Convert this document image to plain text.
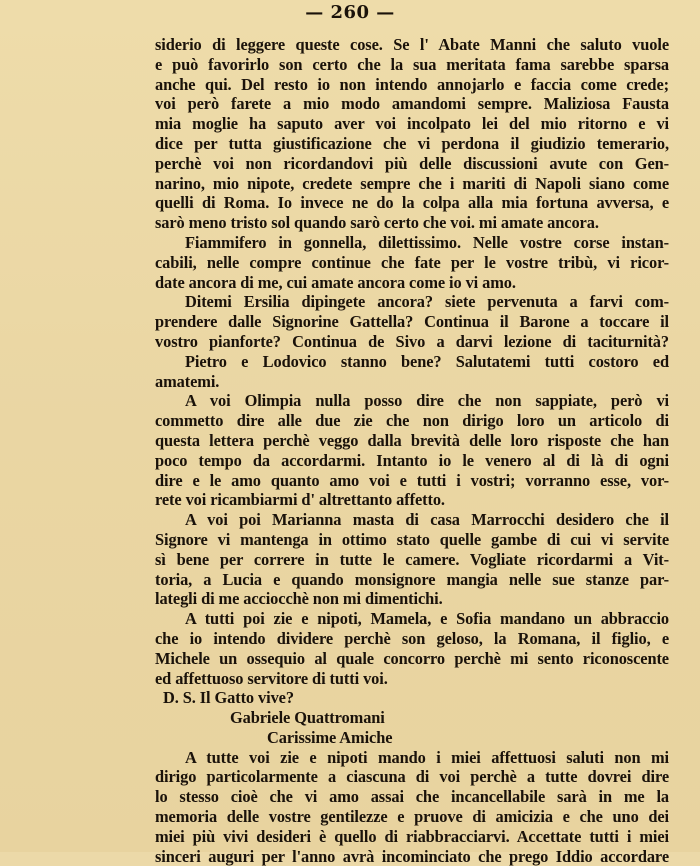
— 260 —
siderio di leggere queste cose. Se l' Abate Manni che saluto vuole
e può favorirlo son certo che la sua meritata fama sarebbe sparsa
anche qui. Del resto io non intendo annojarlo e faccia come crede;
voi però farete a mio modo amandomi sempre. Maliziosa Fausta
mia moglie ha saputo aver voi incolpato lei del mio ritorno e vi
dice per tutta giustificazione che vi perdona il giudizio temerario,
perchè voi non ricordandovi più delle discussioni avute con Gen-
narino, mio nipote, credete sempre che i mariti di Napoli siano come
quelli di Roma. Io invece ne do la colpa alla mia fortuna avversa, e
sarò meno tristo sol quando sarò certo che voi. mi amate ancora.
Fiammifero in gonnella, dilettissimo. Nelle vostre corse instan-
cabili, nelle compre continue che fate per le vostre tribù, vi ricor-
date ancora di me, cui amate ancora come io vi amo.
Ditemi Ersilia dipingete ancora? siete pervenuta a farvi com-
prendere dalle Signorine Gattella? Continua il Barone a toccare il
vostro pianforte? Continua de Sivo a darvi lezione di taciturnità?
Pietro e Lodovico stanno bene? Salutatemi tutti costoro ed
amatemi.
A voi Olimpia nulla posso dire che non sappiate, però vi
commetto dire alle due zie che non dirigo loro un articolo di
questa lettera perchè veggo dalla brevità delle loro risposte che han
poco tempo da accordarmi. Intanto io le venero al di là di ogni
dire e le amo quanto amo voi e tutti i vostri; vorranno esse, vor-
rete voi ricambiarmi d' altrettanto affetto.
A voi poi Marianna masta di casa Marrocchi desidero che il
Signore vi mantenga in ottimo stato quelle gambe di cui vi servite
sì bene per correre in tutte le camere. Vogliate ricordarmi a Vit-
toria, a Lucia e quando monsignore mangia nelle sue stanze par-
lategli di me acciocchè non mi dimentichi.
A tutti poi zie e nipoti, Mamela, e Sofia mandano un abbraccio
che io intendo dividere perchè son geloso, la Romana, il figlio, e
Michele un ossequio al quale concorro perchè mi sento riconoscente
ed affettuoso servitore di tutti voi.
D. S. Il Gatto vive?
Gabriele Quattromani
Carissime Amiche
A tutte voi zie e nipoti mando i miei affettuosi saluti non mi
dirigo particolarmente a ciascuna di voi perchè a tutte dovrei dire
lo stesso cioè che vi amo assai che incancellabile sarà in me la
memoria delle vostre gentilezze e pruove di amicizia e che uno dei
miei più vivi desideri è quello di riabbracciarvi. Accettate tutti i miei
sinceri auguri per l'anno avrà incominciato che prego Iddio accordare
